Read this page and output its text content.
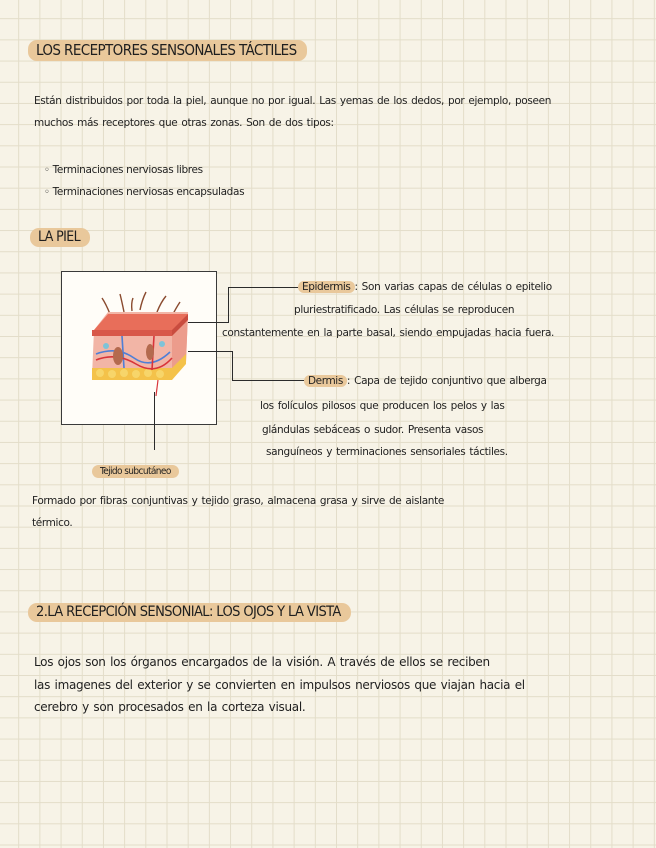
LOS RECEPTORES SENSONALES TÁCTILES
Están distribuidos por toda la piel, aunque no por igual. Las yemas de los dedos, por ejemplo, poseen
muchos más receptores que otras zonas. Son de dos tipos:
◦ Terminaciones nerviosas libres
◦ Terminaciones nerviosas encapsuladas
LA PIEL
Epidermis : Son varias capas de células o epitelio
pluriestratificado. Las células se reproducen
constantemente en la parte basal, siendo empujadas hacia fuera.
Dermis : Capa de tejido conjuntivo que alberga
los folículos pilosos que producen los pelos y las
glándulas sebáceas o sudor. Presenta vasos
sanguíneos y terminaciones sensoriales táctiles.
Tejido subcutáneo
Formado por fibras conjuntivas y tejido graso, almacena grasa y sirve de aislante
térmico.
2.LA RECEPCIÓN SENSONIAL: LOS OJOS Y LA VISTA
Los ojos son los órganos encargados de la visión. A través de ellos se reciben
las imagenes del exterior y se convierten en impulsos nerviosos que viajan hacia el
cerebro y son procesados en la corteza visual.
